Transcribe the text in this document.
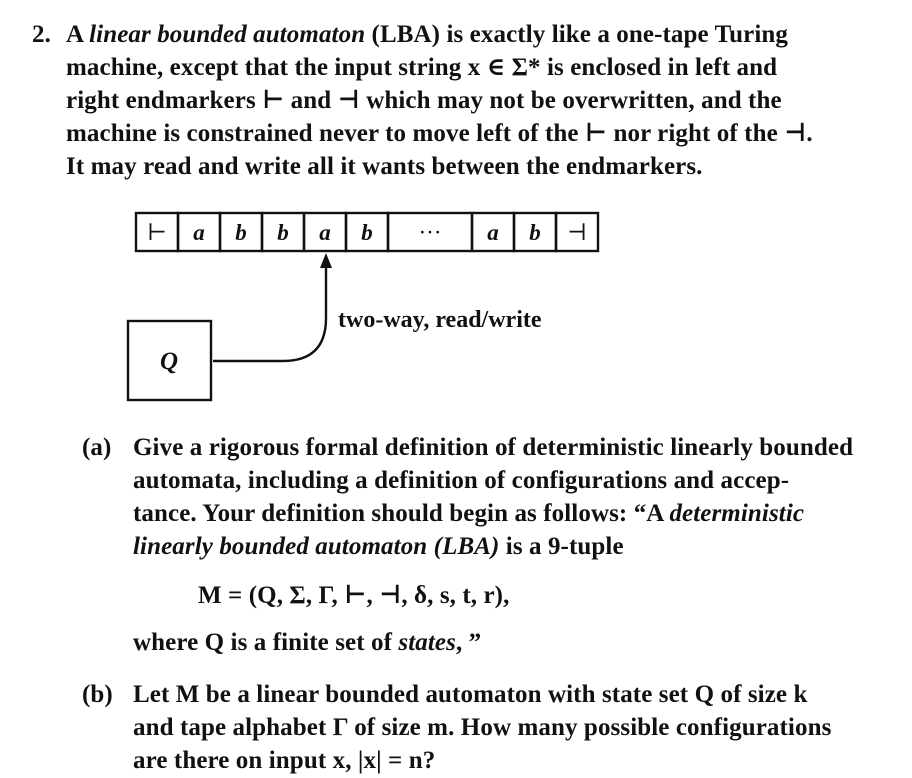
2. A linear bounded automaton (LBA) is exactly like a one-tape Turing
machine, except that the input string x ∈ Σ* is enclosed in left and
right endmarkers ⊢ and ⊣ which may not be overwritten, and the
machine is constrained never to move left of the ⊢ nor right of the ⊣.
It may read and write all it wants between the endmarkers.
⊢ a b b a b ··· a b ⊣
two-way, read/write
Q
(a) Give a rigorous formal definition of deterministic linearly bounded
automata, including a definition of configurations and accep-
tance. Your definition should begin as follows: “A deterministic
linearly bounded automaton (LBA) is a 9-tuple
M = (Q, Σ, Γ, ⊢, ⊣, δ, s, t, r),
where Q is a finite set of states, ”
(b) Let M be a linear bounded automaton with state set Q of size k
and tape alphabet Γ of size m. How many possible configurations
are there on input x, |x| = n?
